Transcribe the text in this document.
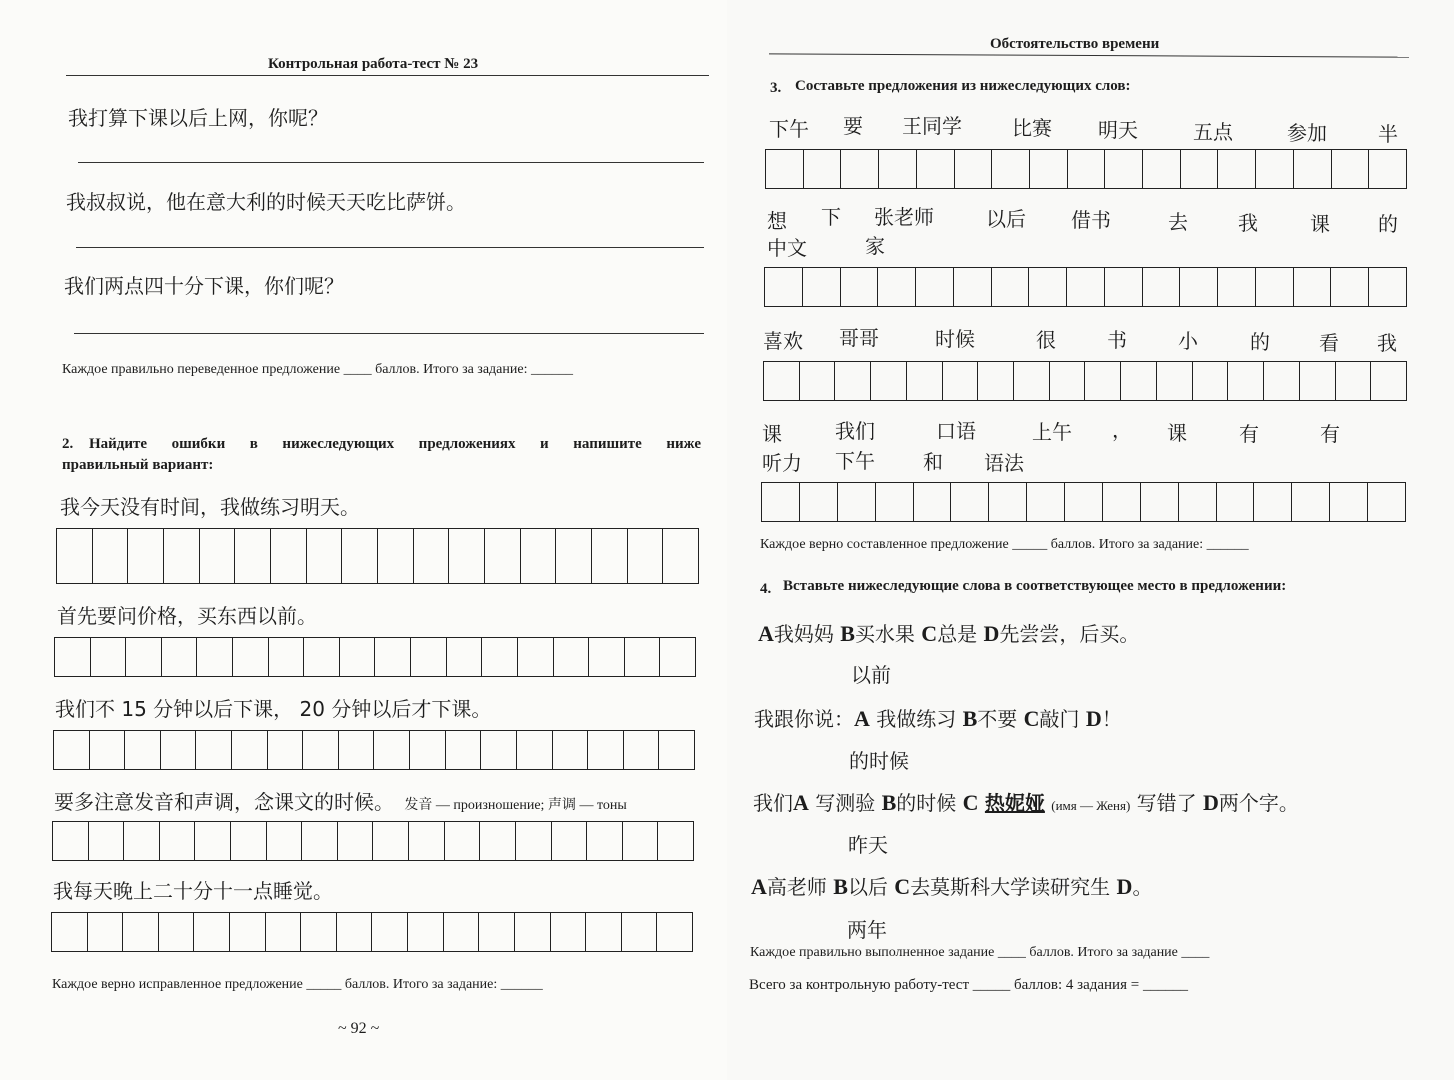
Контрольная работа-тест № 23
我打算下课以后上网，你呢？
我叔叔说，他在意大利的时候天天吃比萨饼。
我们两点四十分下课，你们呢？
Каждое правильно переведенное предложение ____ баллов. Итого за задание: ______
2. Найдите ошибки в нижеследующих предложениях и напишите ниже
правильный вариант:
我今天没有时间，我做练习明天。
首先要问价格，买东西以前。
我们不 15 分钟以后下课， 20 分钟以后才下课。
要多注意发音和声调，念课文的时候。 发音 — произношение; 声调 — тоны
我每天晚上二十分十一点睡觉。
Каждое верно исправленное предложение _____ баллов. Итого за задание: ______
~ 92 ~
Обстоятельство времени
3. Составьте предложения из нижеследующих слов:
下午 要 王同学	比赛 明天	五点	参加	半
想 下 张老师	以后 借书	去	我	课 的
中文	家
喜欢 哥哥	时候	很	书	小	的 看 我
课	我们	口语	上午 ， 课	有	有
听力 下午 和 语法
Каждое верно составленное предложение _____ баллов. Итого за задание: ______
4. Вставьте нижеследующие слова в соответствующее место в предложении:
A我妈妈 B买水果 C总是 D先尝尝，后买。
以前
我跟你说：A 我做练习 B不要 C敲门 D！
的时候
我们A 写测验 B的时候 C 热妮娅 (имя — Женя) 写错了 D两个字。
昨天
A高老师 B以后 C去莫斯科大学读研究生 D。
两年
Каждое правильно выполненное задание ____ баллов. Итого за задание ____
Всего за контрольную работу-тест _____ баллов: 4 задания = ______
